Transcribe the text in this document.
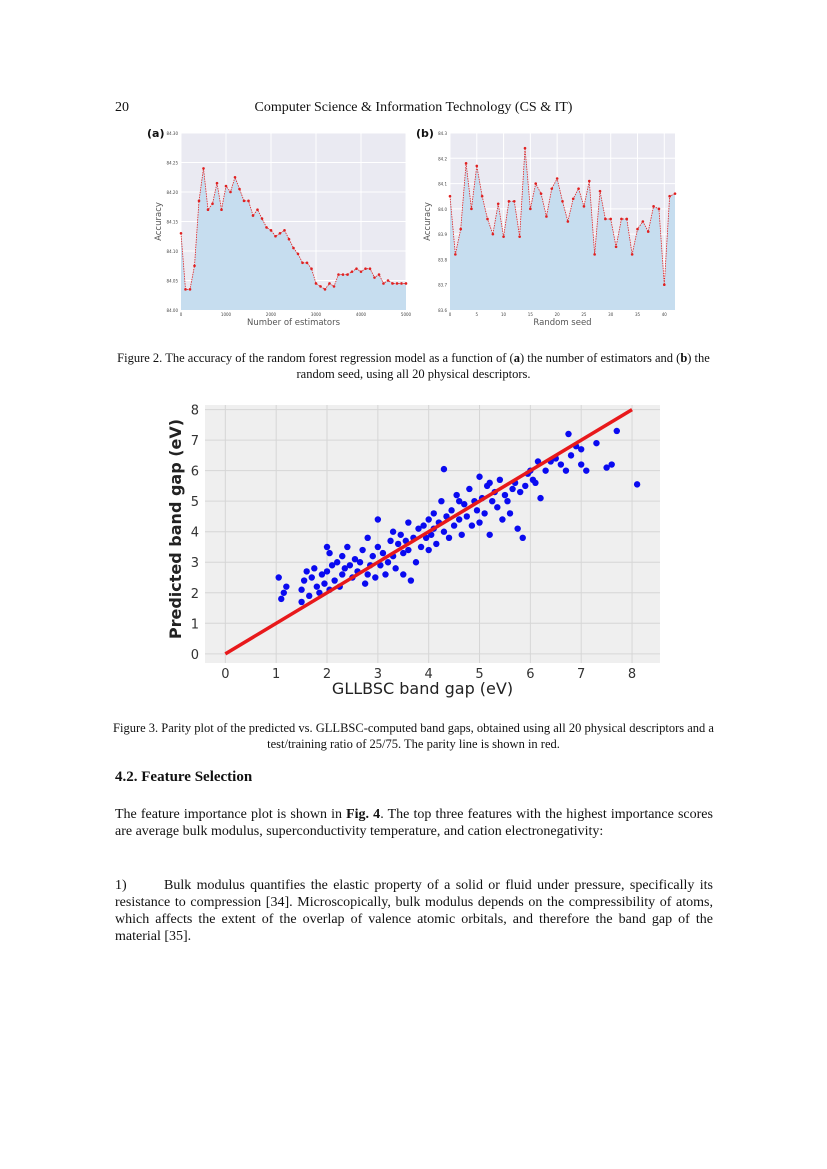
20	Computer Science & Information Technology (CS & IT)
84.00
84.05
84.10
84.15
84.20
84.25
84.30
0	1000	2000	3000	4000	5000
Number of estimators
Accuracy
(a)
83.6
83.7
83.8
83.9
84.0
84.1
84.2
84.3
0	5	10	15	20	25	30	35	40
Random seed
Accuracy
(b)
Figure 2. The accuracy of the random forest regression model as a function of (a) the number of estimators and (b) the random seed, using all 20 physical descriptors.
0
1
2
3
4
5
6
7
8
0	1	2	3	4	5	6	7	8
GLLBSC band gap (eV)
Predicted band gap (eV)
Figure 3. Parity plot of the predicted vs. GLLBSC-computed band gaps, obtained using all 20 physical descriptors and a test/training ratio of 25/75. The parity line is shown in red.
4.2. Feature Selection
The feature importance plot is shown in Fig. 4. The top three features with the highest importance scores are average bulk modulus, superconductivity temperature, and cation electronegativity:
1)	Bulk modulus quantifies the elastic property of a solid or fluid under pressure, specifically its resistance to compression [34]. Microscopically, bulk modulus depends on the compressibility of atoms, which affects the extent of the overlap of valence atomic orbitals, and therefore the band gap of the material [35].
